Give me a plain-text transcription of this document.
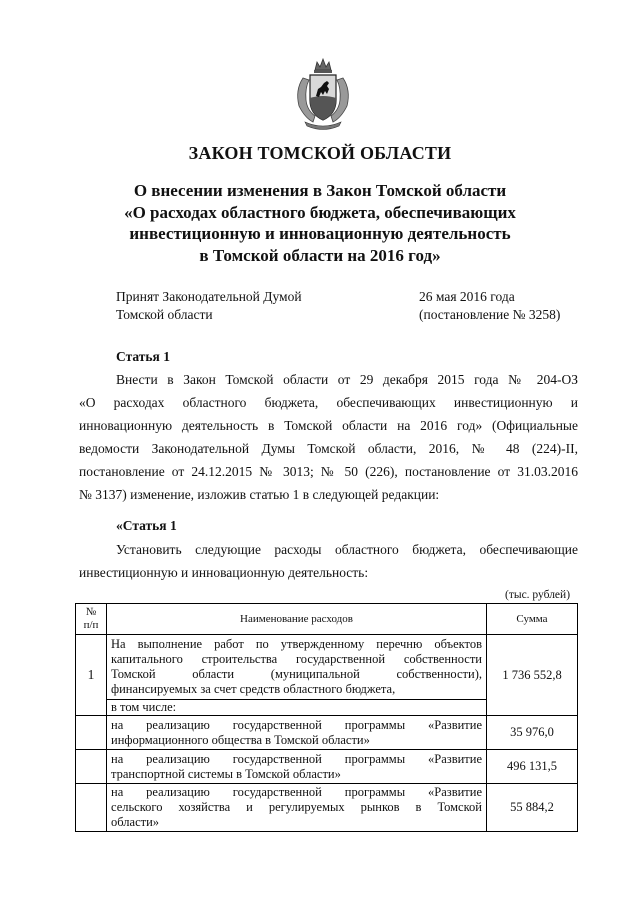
ЗАКОН ТОМСКОЙ ОБЛАСТИ
О внесении изменения в Закон Томской области
«О расходах областного бюджета, обеспечивающих
инвестиционную и инновационную деятельность
в Томской области на 2016 год»
Принят Законодательной Думой
Томской области
26 мая 2016 года
(постановление № 3258)
Статья 1
Внести в Закон Томской области от 29 декабря 2015 года № 204-ОЗ
«О расходах областного бюджета, обеспечивающих инвестиционную и
инновационную деятельность в Томской области на 2016 год» (Официальные
ведомости Законодательной Думы Томской области, 2016, № 48 (224)-II,
постановление от 24.12.2015 № 3013; № 50 (226), постановление от 31.03.2016
№ 3137) изменение, изложив статью 1 в следующей редакции:
«Статья 1
Установить следующие расходы областного бюджета, обеспечивающие
инвестиционную и инновационную деятельность:
(тыс. рублей)
№
п/п	Наименование расходов	Сумма
1	На выполнение работ по утвержденному перечню объектов
капитального строительства государственной собственности
Томской области (муниципальной собственности),
финансируемых за счет средств областного бюджета,	1 736 552,8

	в том числе:	

	на реализацию государственной программы «Развитие
информационного общества в Томской области»	35 976,0

	на реализацию государственной программы «Развитие
транспортной системы в Томской области»	496 131,5

	на реализацию государственной программы «Развитие
сельского хозяйства и регулируемых рынков в Томской
области»	55 884,2
